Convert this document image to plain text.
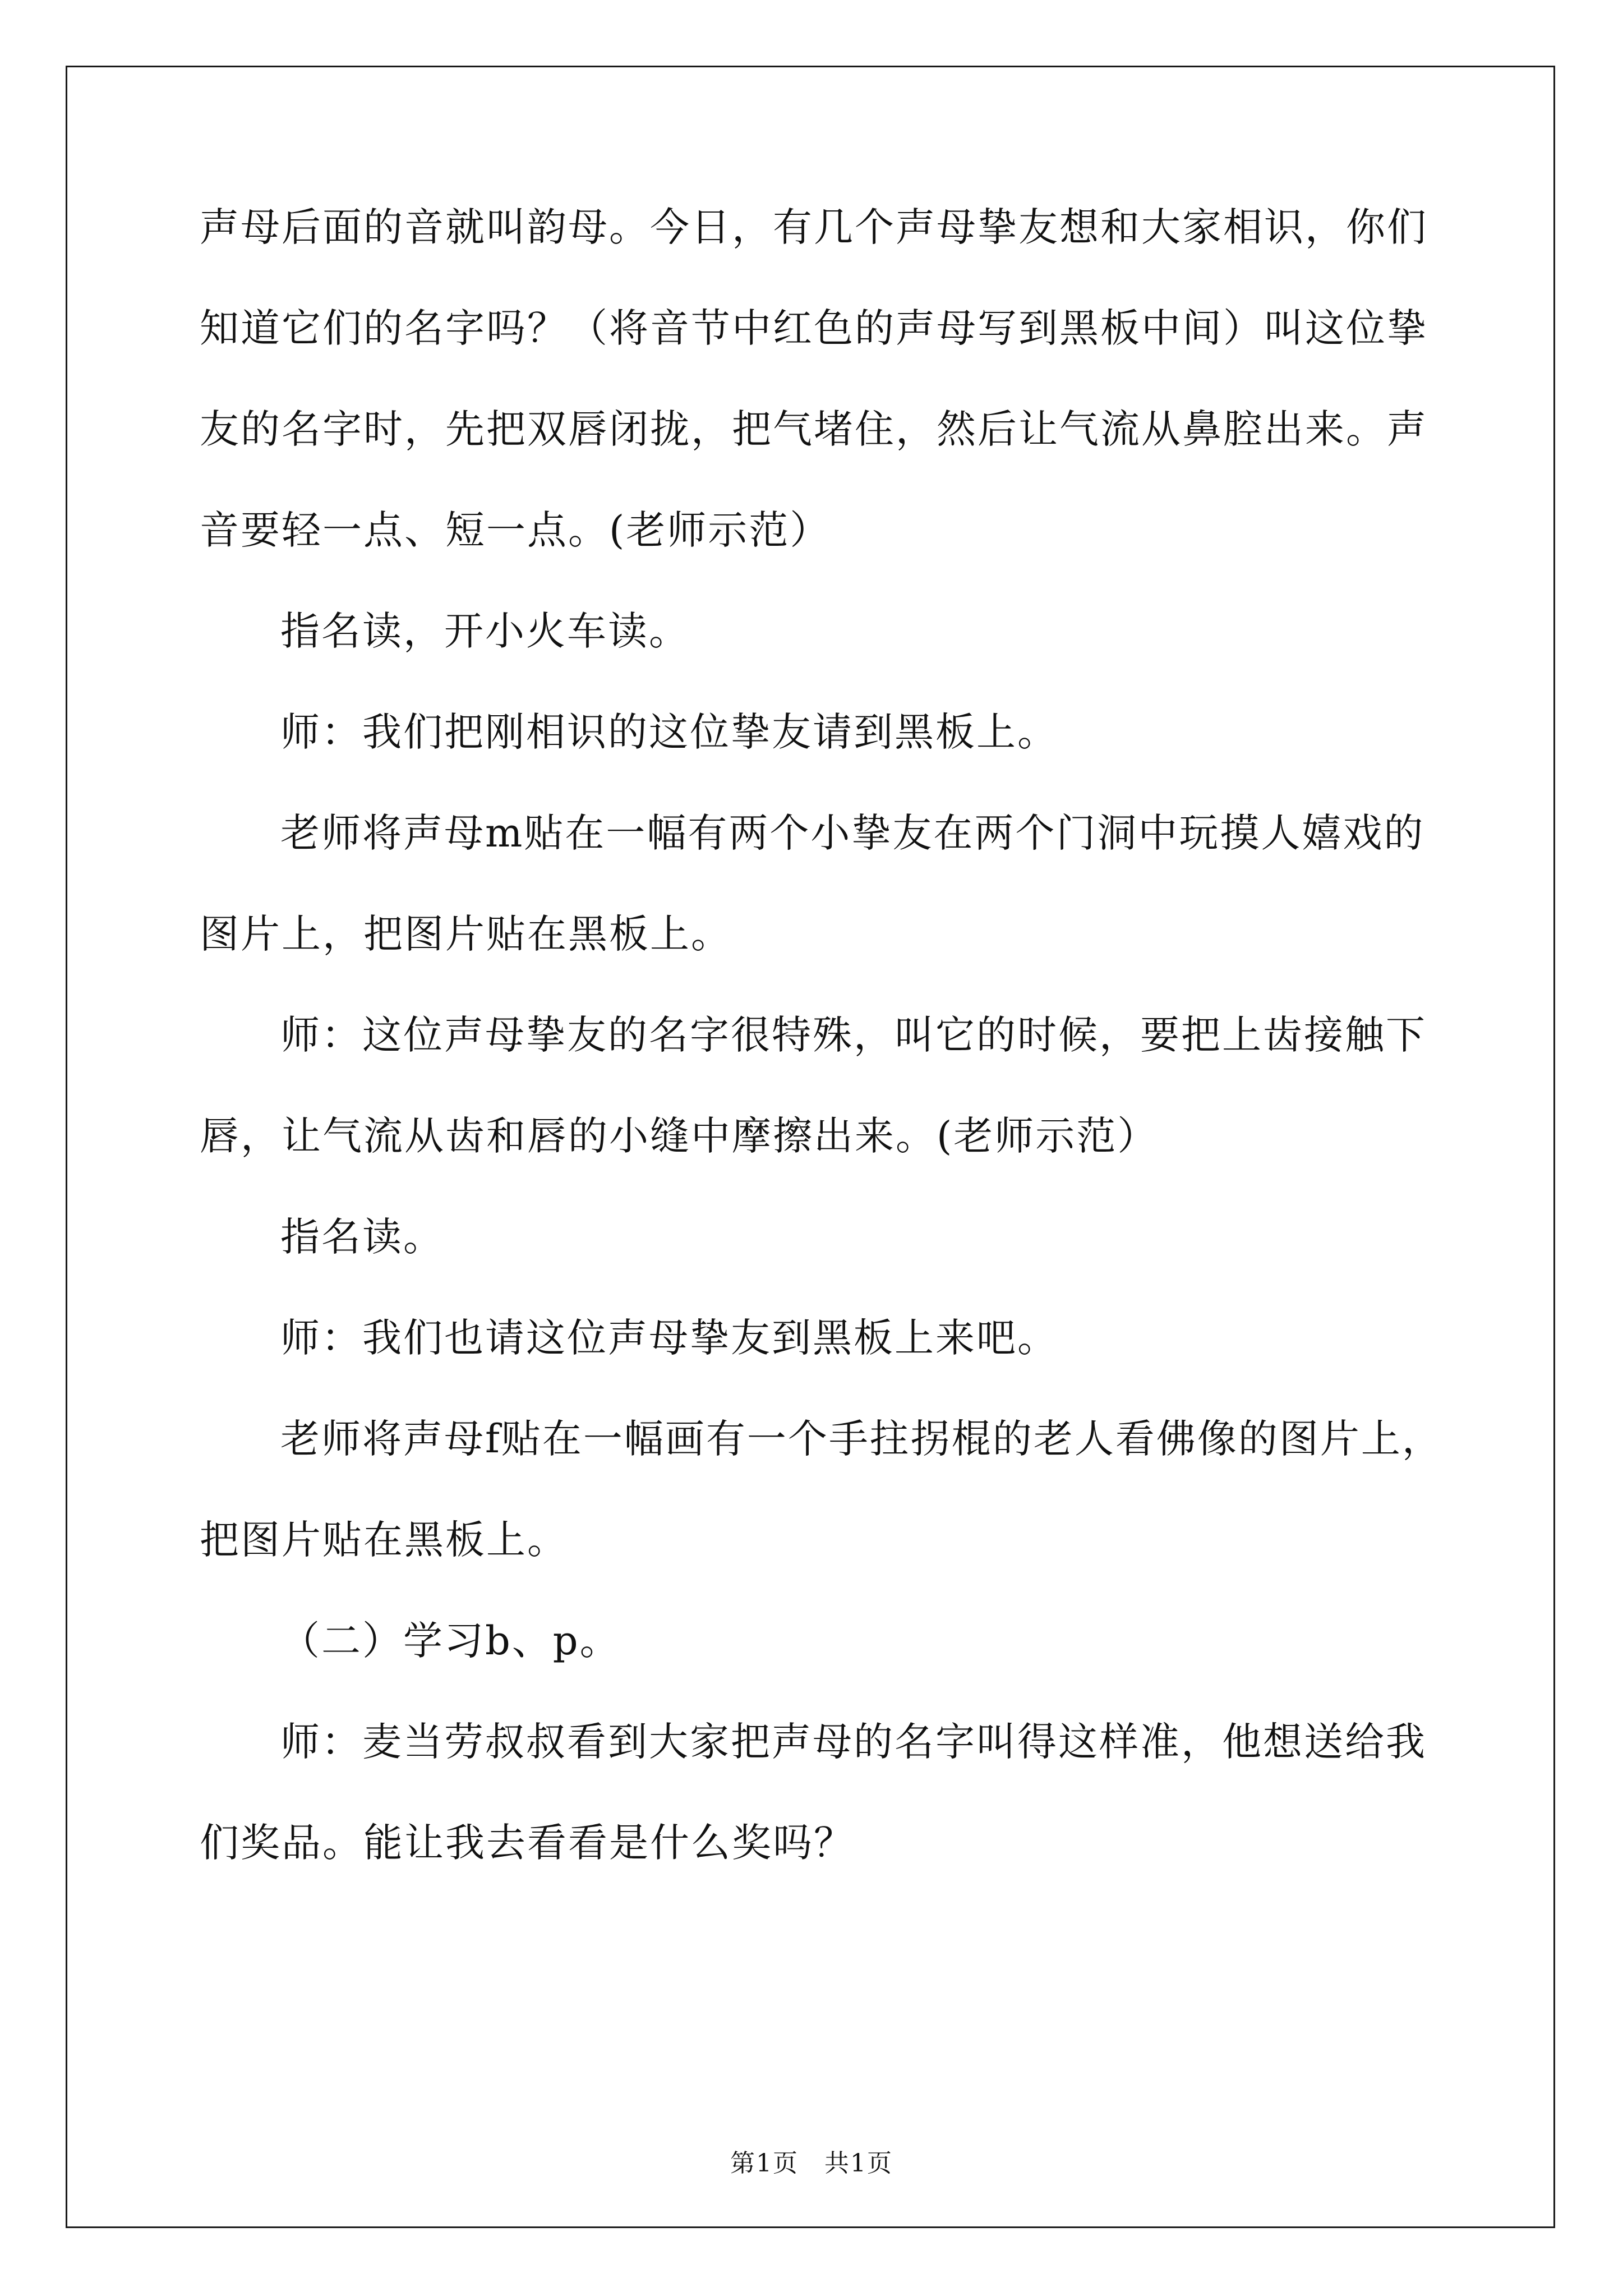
声母后面的音就叫韵母。今日，有几个声母挚友想和大家相识，你们

知道它们的名字吗？（将音节中红色的声母写到黑板中间）叫这位挚

友的名字时，先把双唇闭拢，把气堵住，然后让气流从鼻腔出来。声

音要轻一点、短一点。(老师示范）

指名读，开小火车读。

师：我们把刚相识的这位挚友请到黑板上。

老师将声母m贴在一幅有两个小挚友在两个门洞中玩摸人嬉戏的

图片上，把图片贴在黑板上。

师：这位声母挚友的名字很特殊，叫它的时候，要把上齿接触下

唇，让气流从齿和唇的小缝中摩擦出来。(老师示范）

指名读。

师：我们也请这位声母挚友到黑板上来吧。

老师将声母f贴在一幅画有一个手拄拐棍的老人看佛像的图片上，

把图片贴在黑板上。

（二）学习b、p。

师：麦当劳叔叔看到大家把声母的名字叫得这样准，他想送给我

们奖品。能让我去看看是什么奖吗？

第1页　共1页
